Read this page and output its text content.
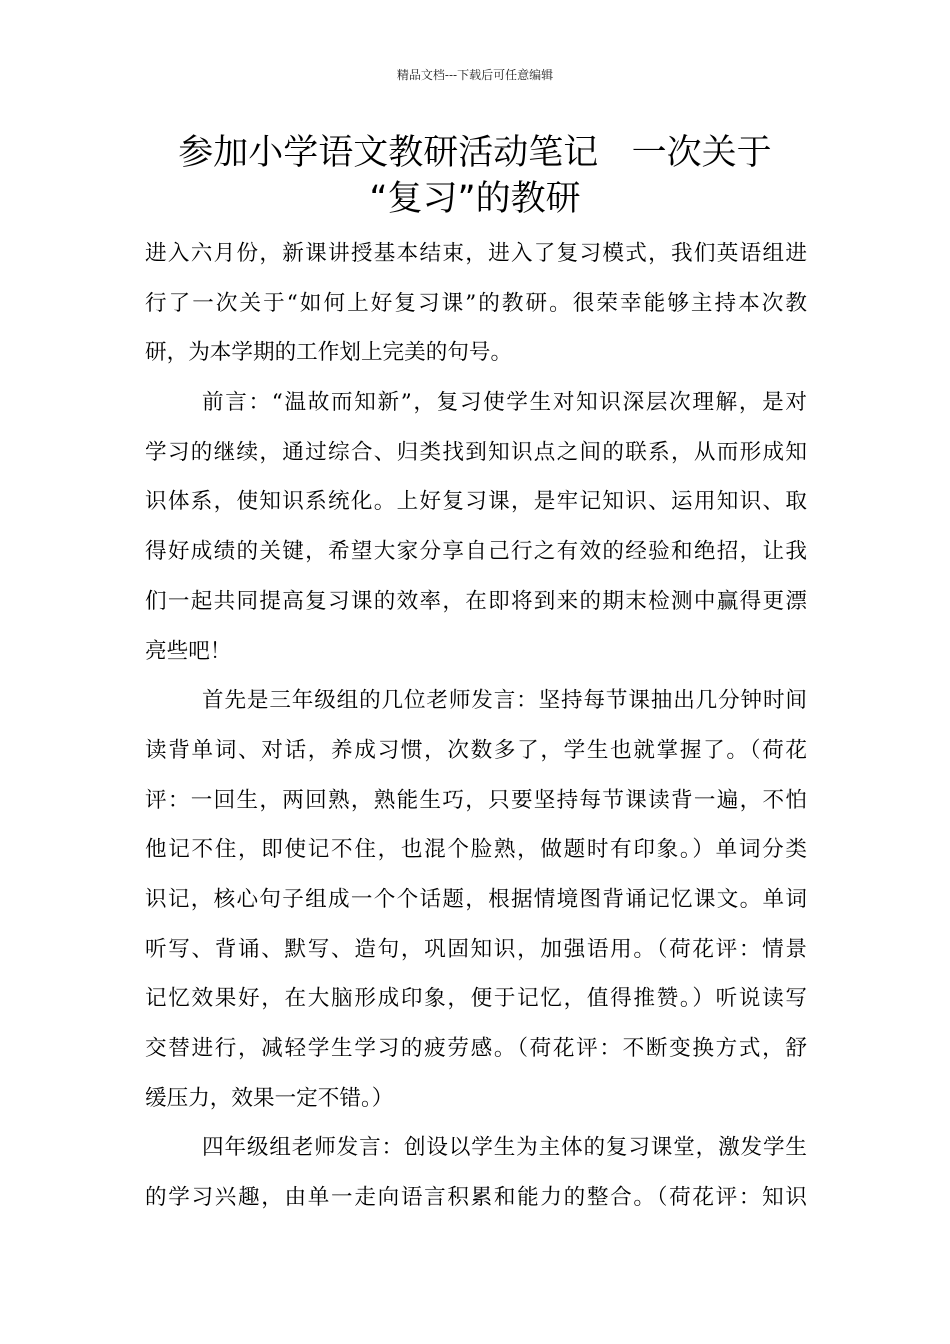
精品文档---下载后可任意编辑
参加小学语文教研活动笔记   一次关于
“复习”的教研
进入六月份，新课讲授基本结束，进入了复习模式，我们英语组进
行了一次关于“如何上好复习课”的教研。很荣幸能够主持本次教
研，为本学期的工作划上完美的句号。
前言：“温故而知新”，复习使学生对知识深层次理解，是对
学习的继续，通过综合、归类找到知识点之间的联系，从而形成知
识体系，使知识系统化。上好复习课，是牢记知识、运用知识、取
得好成绩的关键，希望大家分享自己行之有效的经验和绝招，让我
们一起共同提高复习课的效率，在即将到来的期末检测中赢得更漂
亮些吧！
首先是三年级组的几位老师发言：坚持每节课抽出几分钟时间
读背单词、对话，养成习惯，次数多了，学生也就掌握了。（荷花
评：一回生，两回熟，熟能生巧，只要坚持每节课读背一遍，不怕
他记不住，即使记不住，也混个脸熟，做题时有印象。）单词分类
识记，核心句子组成一个个话题，根据情境图背诵记忆课文。单词
听写、背诵、默写、造句，巩固知识，加强语用。（荷花评：情景
记忆效果好，在大脑形成印象，便于记忆，值得推赞。）听说读写
交替进行，减轻学生学习的疲劳感。（荷花评：不断变换方式，舒
缓压力，效果一定不错。）
四年级组老师发言：创设以学生为主体的复习课堂，激发学生
的学习兴趣，由单一走向语言积累和能力的整合。（荷花评：知识
